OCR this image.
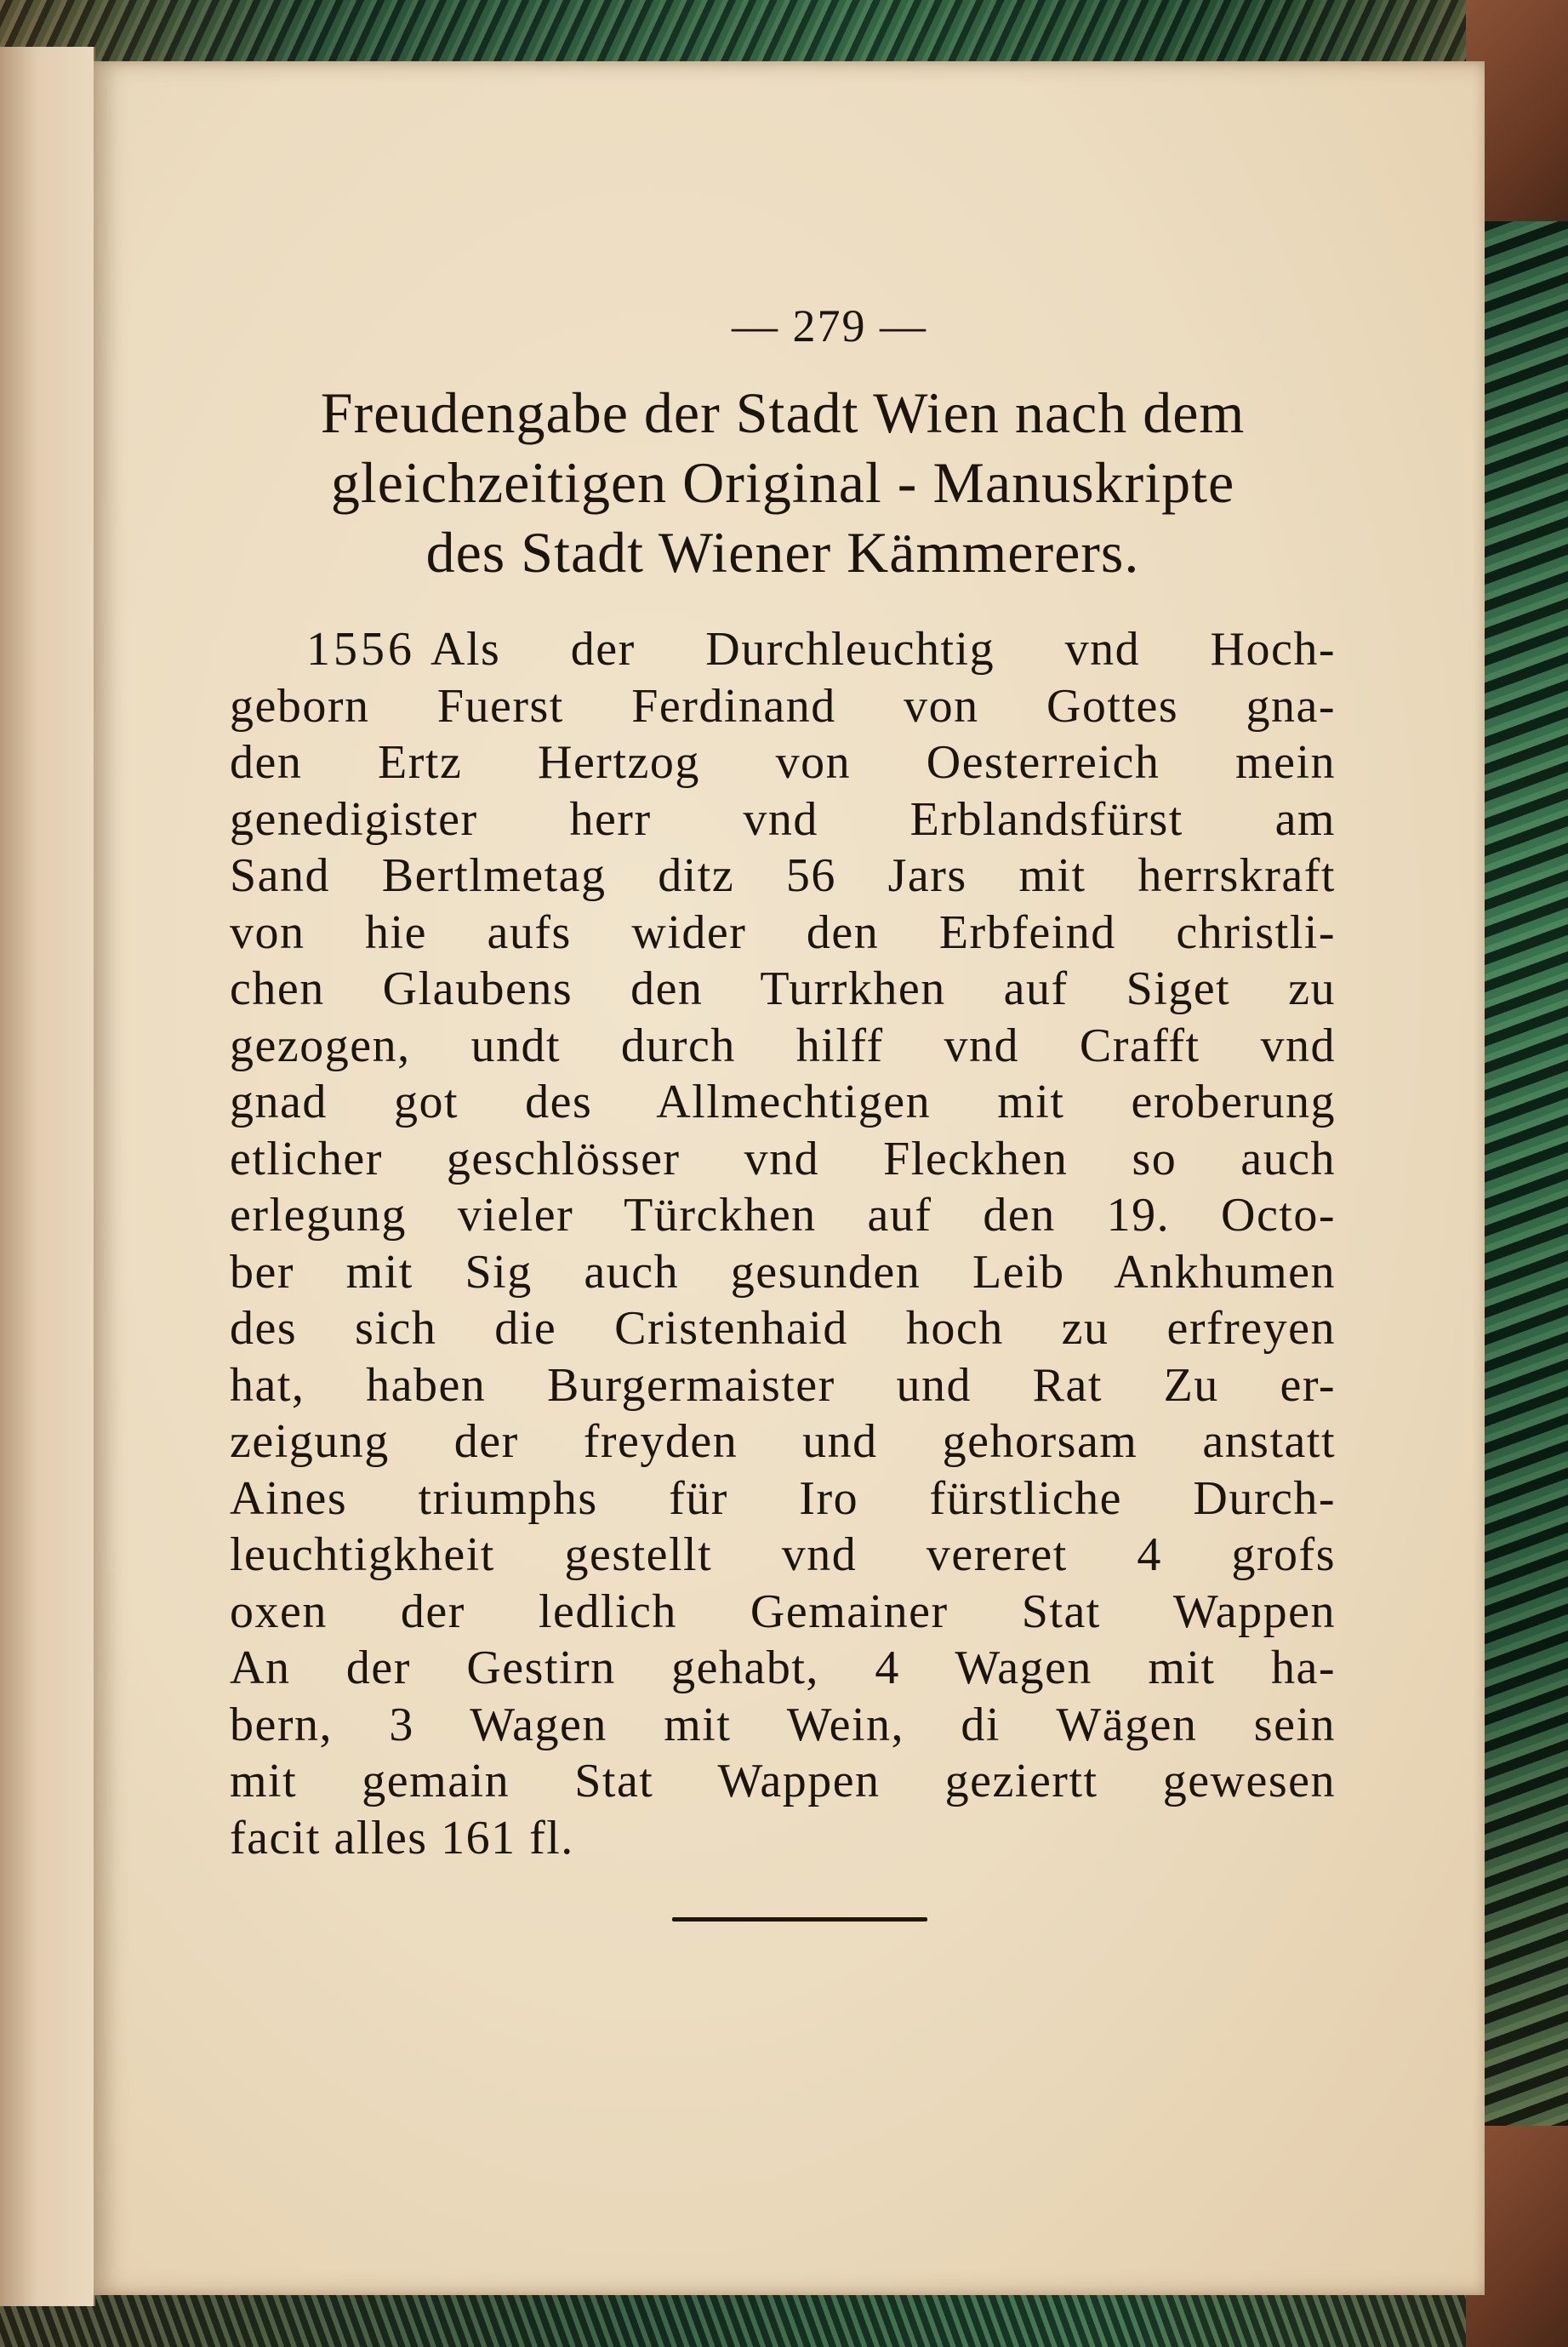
— 279 —
Freudengabe der Stadt Wien nach dem
gleichzeitigen Original - Manuskripte
des Stadt Wiener Kämmerers.
1556 Als der Durchleuchtig vnd Hoch-
geborn Fuerst Ferdinand von Gottes gna-
den Ertz Hertzog von Oesterreich mein
genedigister herr vnd Erblandsfürst am
Sand Bertlmetag ditz 56 Jars mit herrskraft
von hie aufs wider den Erbfeind christli-
chen Glaubens den Turrkhen auf Siget zu
gezogen, undt durch hilff vnd Crafft vnd
gnad got des Allmechtigen mit eroberung
etlicher geschlösser vnd Fleckhen so auch
erlegung vieler Türckhen auf den 19. Octo-
ber mit Sig auch gesunden Leib Ankhumen
des sich die Cristenhaid hoch zu erfreyen
hat, haben Burgermaister und Rat Zu er-
zeigung der freyden und gehorsam anstatt
Aines triumphs für Iro fürstliche Durch-
leuchtigkheit gestellt vnd vereret 4 grofs
oxen der ledlich Gemainer Stat Wappen
An der Gestirn gehabt, 4 Wagen mit ha-
bern, 3 Wagen mit Wein, di Wägen sein
mit gemain Stat Wappen geziertt gewesen
facit alles 161 fl.
